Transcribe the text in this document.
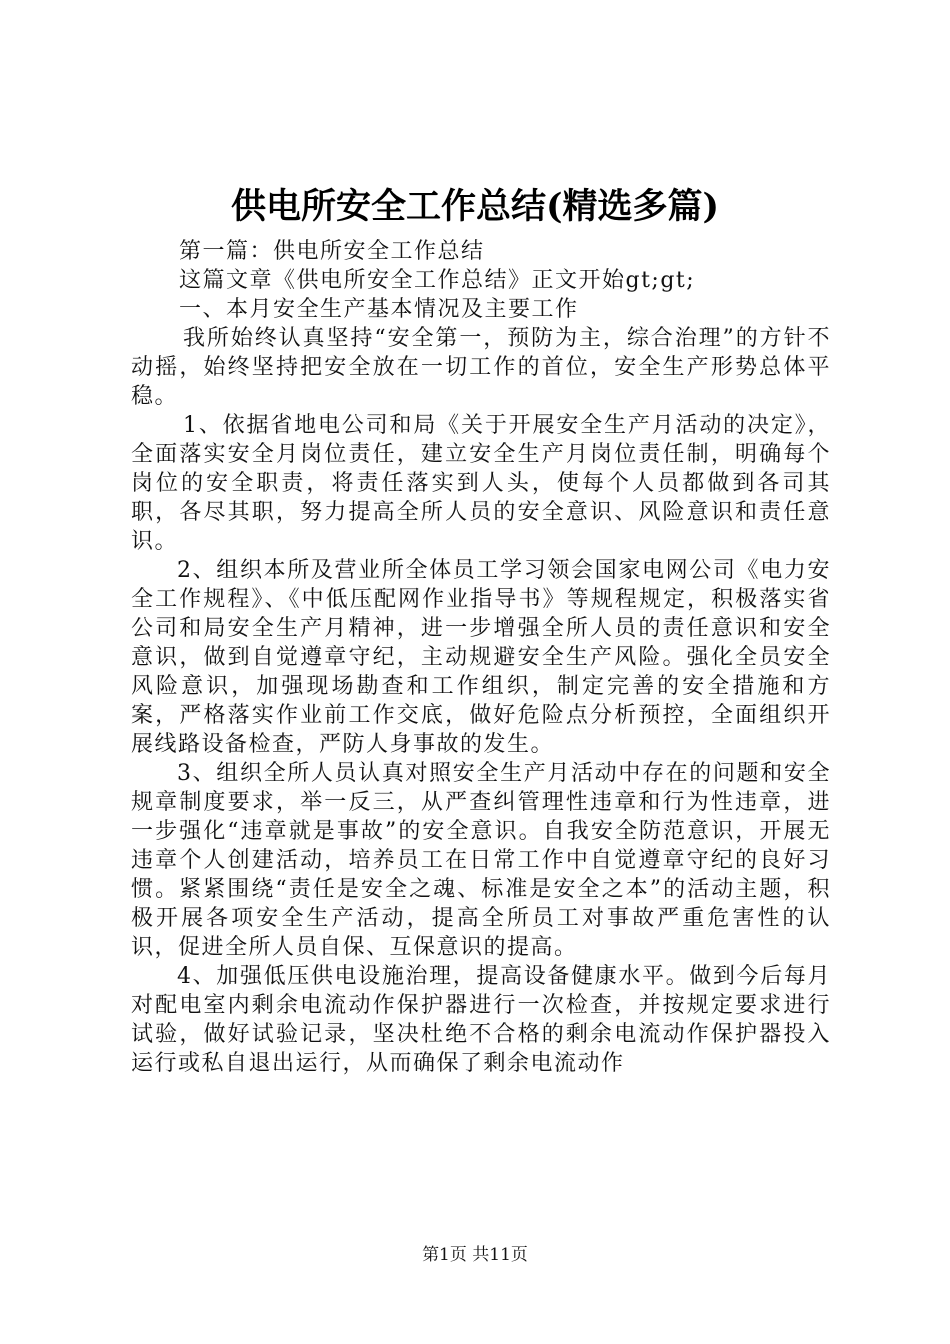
供电所安全工作总结(精选多篇)

第一篇：供电所安全工作总结

这篇文章《供电所安全工作总结》正文开始gt;gt;

一、本月安全生产基本情况及主要工作

我所始终认真坚持“安全第一，预防为主，综合治理”的方针不动摇，始终坚持把安全放在一切工作的首位，安全生产形势总体平稳。

1、依据省地电公司和局《关于开展安全生产月活动的决定》，全面落实安全月岗位责任，建立安全生产月岗位责任制，明确每个岗位的安全职责，将责任落实到人头，使每个人员都做到各司其职，各尽其职，努力提高全所人员的安全意识、风险意识和责任意识。

2、组织本所及营业所全体员工学习领会国家电网公司《电力安全工作规程》、《中低压配网作业指导书》等规程规定，积极落实省公司和局安全生产月精神，进一步增强全所人员的责任意识和安全意识，做到自觉遵章守纪，主动规避安全生产风险。强化全员安全风险意识，加强现场勘查和工作组织，制定完善的安全措施和方案，严格落实作业前工作交底，做好危险点分析预控，全面组织开展线路设备检查，严防人身事故的发生。

3、组织全所人员认真对照安全生产月活动中存在的问题和安全规章制度要求，举一反三，从严查纠管理性违章和行为性违章，进一步强化“违章就是事故”的安全意识。自我安全防范意识，开展无违章个人创建活动，培养员工在日常工作中自觉遵章守纪的良好习惯。紧紧围绕“责任是安全之魂、标准是安全之本”的活动主题，积极开展各项安全生产活动，提高全所员工对事故严重危害性的认识，促进全所人员自保、互保意识的提高。

4、加强低压供电设施治理，提高设备健康水平。做到今后每月对配电室内剩余电流动作保护器进行一次检查，并按规定要求进行试验，做好试验记录，坚决杜绝不合格的剩余电流动作保护器投入运行或私自退出运行，从而确保了剩余电流动作

第1页 共11页
